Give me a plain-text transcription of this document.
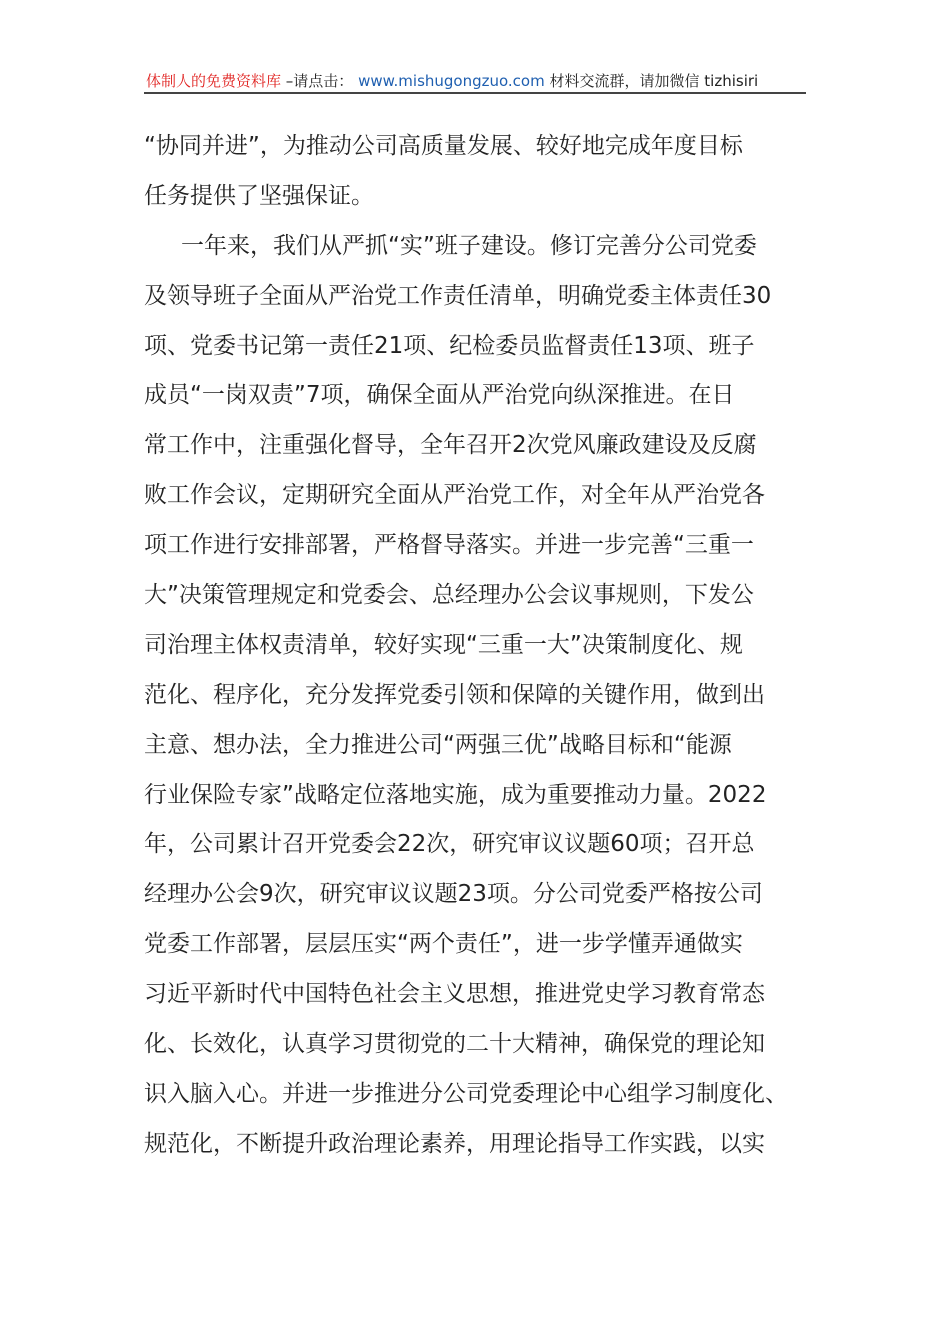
体制人的免费资料库 –请点击： www.mishugongzuo.com 材料交流群，请加微信 tizhisiri
“协同并进”，为推动公司高质量发展、较好地完成年度目标
任务提供了坚强保证。
一年来，我们从严抓“实”班子建设。修订完善分公司党委
及领导班子全面从严治党工作责任清单，明确党委主体责任30
项、党委书记第一责任21项、纪检委员监督责任13项、班子
成员“一岗双责”7项，确保全面从严治党向纵深推进。在日
常工作中，注重强化督导，全年召开2次党风廉政建设及反腐
败工作会议，定期研究全面从严治党工作，对全年从严治党各
项工作进行安排部署，严格督导落实。并进一步完善“三重一
大”决策管理规定和党委会、总经理办公会议事规则，下发公
司治理主体权责清单，较好实现“三重一大”决策制度化、规
范化、程序化，充分发挥党委引领和保障的关键作用，做到出
主意、想办法，全力推进公司“两强三优”战略目标和“能源
行业保险专家”战略定位落地实施，成为重要推动力量。2022
年，公司累计召开党委会22次，研究审议议题60项；召开总
经理办公会9次，研究审议议题23项。分公司党委严格按公司
党委工作部署，层层压实“两个责任”，进一步学懂弄通做实
习近平新时代中国特色社会主义思想，推进党史学习教育常态
化、长效化，认真学习贯彻党的二十大精神，确保党的理论知
识入脑入心。并进一步推进分公司党委理论中心组学习制度化、
规范化，不断提升政治理论素养，用理论指导工作实践，以实
